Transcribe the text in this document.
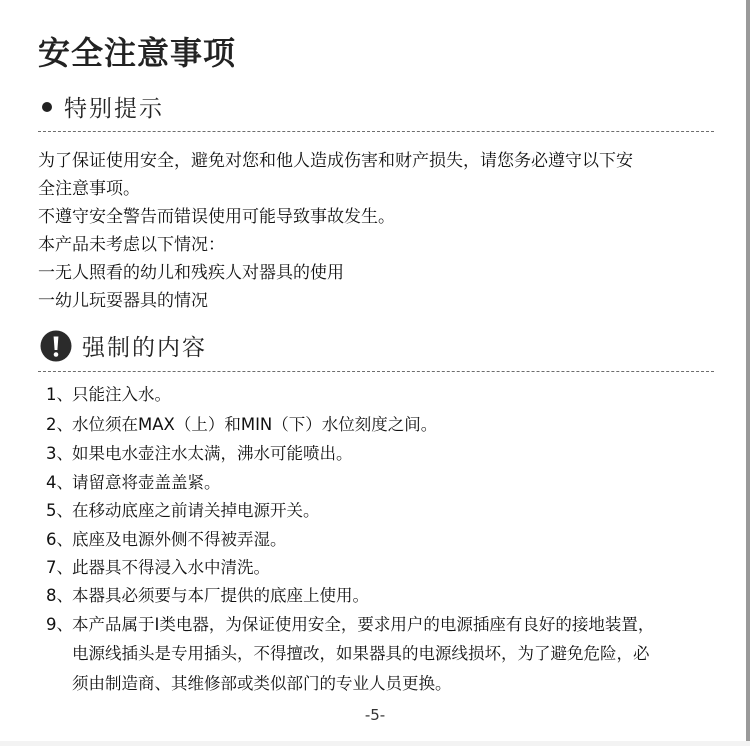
安全注意事项
特别提示
为了保证使用安全，避免对您和他人造成伤害和财产损失，请您务必遵守以下安
全注意事项。
不遵守安全警告而错误使用可能导致事故发生。
本产品未考虑以下情况：
一无人照看的幼儿和残疾人对器具的使用
一幼儿玩耍器具的情况
强制的内容
1、只能注入水。
2、水位须在MAX（上）和MIN（下）水位刻度之间。
3、如果电水壶注水太满，沸水可能喷出。
4、请留意将壶盖盖紧。
5、在移动底座之前请关掉电源开关。
6、底座及电源外侧不得被弄湿。
7、此器具不得浸入水中清洗。
8、本器具必须要与本厂提供的底座上使用。
9、本产品属于Ⅰ类电器，为保证使用安全，要求用户的电源插座有良好的接地装置，
电源线插头是专用插头，不得擅改，如果器具的电源线损坏，为了避免危险，必
须由制造商、其维修部或类似部门的专业人员更换。
-5-
